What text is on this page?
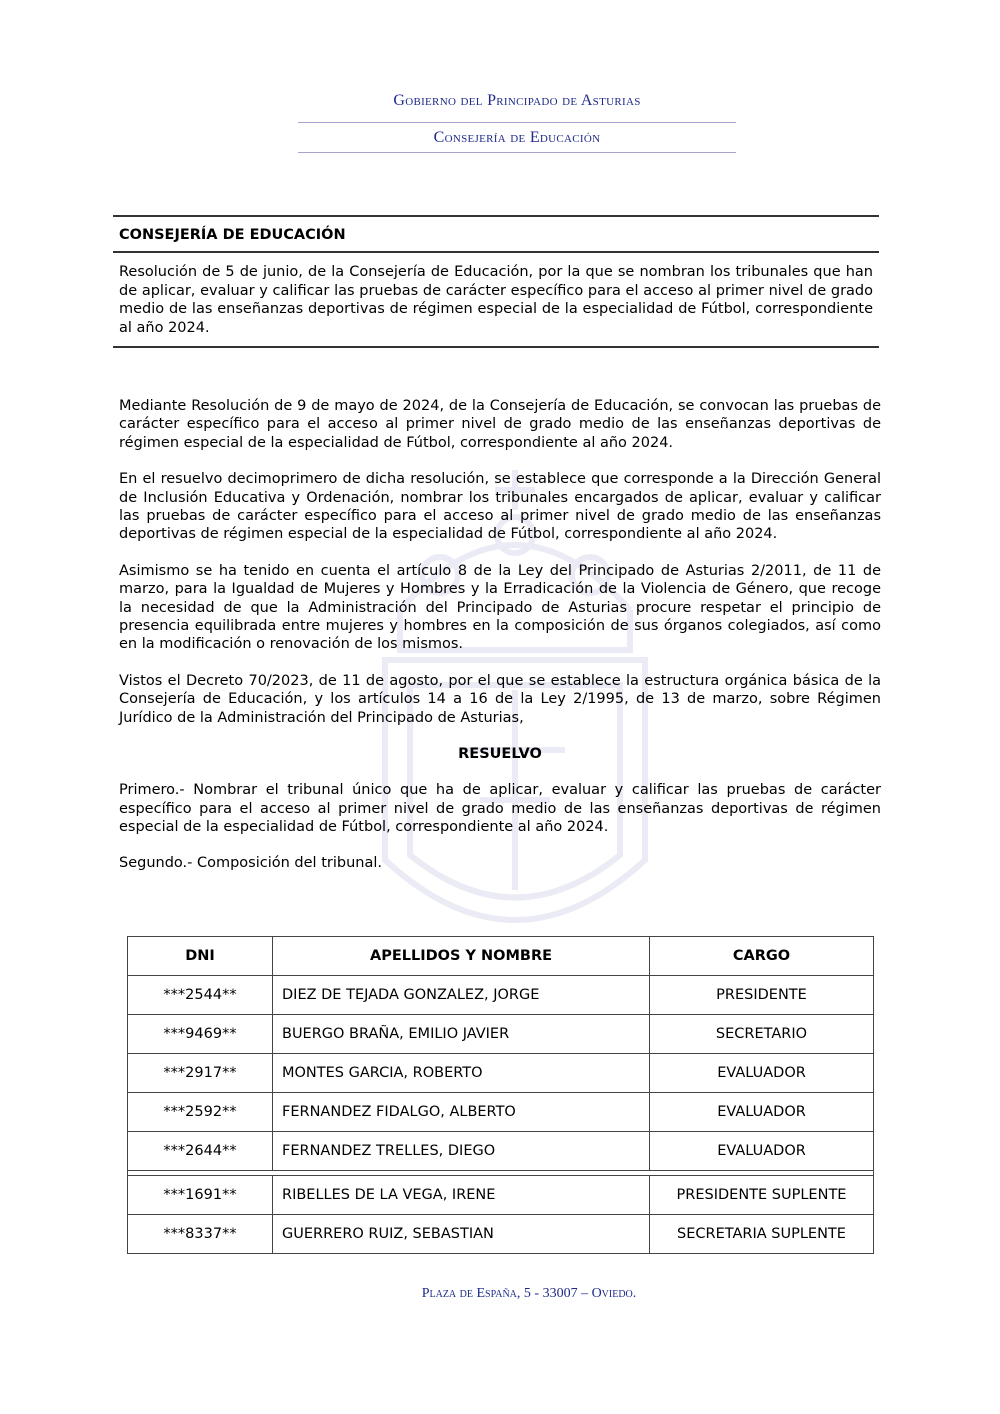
Gobierno del Principado de Asturias
Consejería de Educación
CONSEJERÍA DE EDUCACIÓN
Resolución de 5 de junio, de la Consejería de Educación, por la que se nombran los tribunales que han de aplicar, evaluar y calificar las pruebas de carácter específico para el acceso al primer nivel de grado medio de las enseñanzas deportivas de régimen especial de la especialidad de Fútbol, correspondiente al año 2024.

Mediante Resolución de 9 de mayo de 2024, de la Consejería de Educación, se convocan las pruebas de carácter específico para el acceso al primer nivel de grado medio de las enseñanzas deportivas de régimen especial de la especialidad de Fútbol, correspondiente al año 2024.

En el resuelvo decimoprimero de dicha resolución, se establece que corresponde a la Dirección General de Inclusión Educativa y Ordenación, nombrar los tribunales encargados de aplicar, evaluar y calificar las pruebas de carácter específico para el acceso al primer nivel de grado medio de las enseñanzas deportivas de régimen especial de la especialidad de Fútbol, correspondiente al año 2024.

Asimismo se ha tenido en cuenta el artículo 8 de la Ley del Principado de Asturias 2/2011, de 11 de marzo, para la Igualdad de Mujeres y Hombres y la Erradicación de la Violencia de Género, que recoge la necesidad de que la Administración del Principado de Asturias procure respetar el principio de presencia equilibrada entre mujeres y hombres en la composición de sus órganos colegiados, así como en la modificación o renovación de los mismos.

Vistos el Decreto 70/2023, de 11 de agosto, por el que se establece la estructura orgánica básica de la Consejería de Educación, y los artículos 14 a 16 de la Ley 2/1995, de 13 de marzo, sobre Régimen Jurídico de la Administración del Principado de Asturias,

RESUELVO

Primero.- Nombrar el tribunal único que ha de aplicar, evaluar y calificar las pruebas de carácter específico para el acceso al primer nivel de grado medio de las enseñanzas deportivas de régimen especial de la especialidad de Fútbol, correspondiente al año 2024.

Segundo.- Composición del tribunal.

DNI	APELLIDOS Y NOMBRE	CARGO
***2544**	DIEZ DE TEJADA GONZALEZ, JORGE	PRESIDENTE
***9469**	BUERGO BRAÑA, EMILIO JAVIER	SECRETARIO
***2917**	MONTES GARCIA, ROBERTO	EVALUADOR
***2592**	FERNANDEZ FIDALGO, ALBERTO	EVALUADOR
***2644**	FERNANDEZ TRELLES, DIEGO	EVALUADOR

***1691**	RIBELLES DE LA VEGA, IRENE	PRESIDENTE SUPLENTE
***8337**	GUERRERO RUIZ, SEBASTIAN	SECRETARIA SUPLENTE
Plaza de España, 5 - 33007 – Oviedo.
